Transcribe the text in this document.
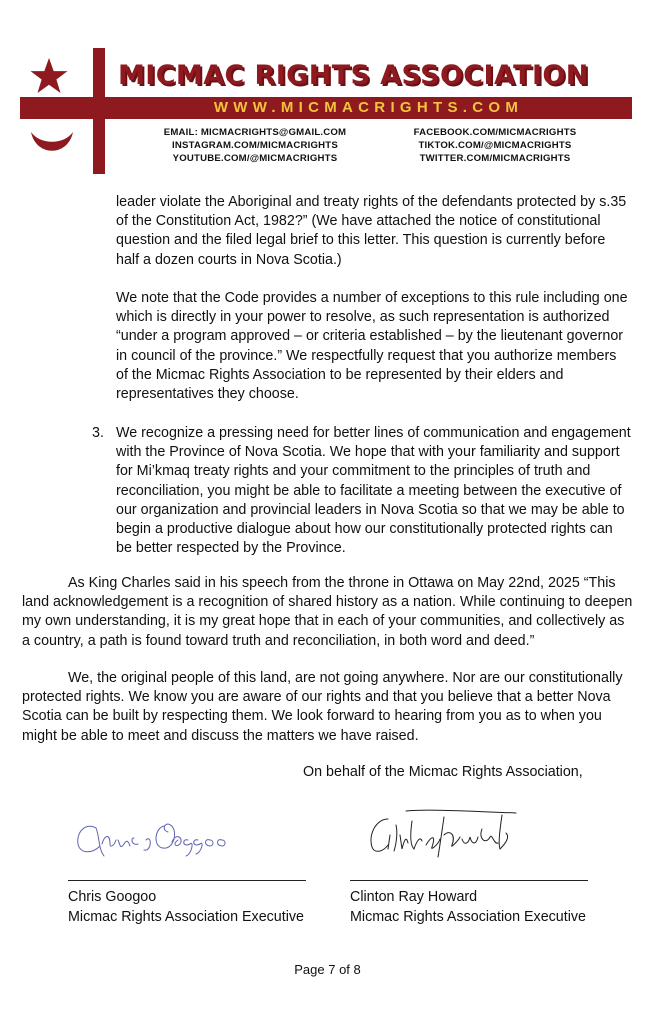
WWW.MICMACRIGHTS.COM
MICMAC RIGHTS ASSOCIATION
EMAIL: MICMACRIGHTS@GMAIL.COM
INSTAGRAM.COM/MICMACRIGHTS
YOUTUBE.COM/@MICMACRIGHTS
FACEBOOK.COM/MICMACRIGHTS
TIKTOK.COM/@MICMACRIGHTS
TWITTER.COM/MICMACRIGHTS
leader violate the Aboriginal and treaty rights of the defendants protected by s.35 of the Constitution Act, 1982?” (We have attached the notice of constitutional question and the filed legal brief to this letter. This question is currently before half a dozen courts in Nova Scotia.)
We note that the Code provides a number of exceptions to this rule including one which is directly in your power to resolve, as such representation is authorized “under a program approved – or criteria established – by the lieutenant governor in council of the province.” We respectfully request that you authorize members of the Micmac Rights Association to be represented by their elders and representatives they choose.
3. We recognize a pressing need for better lines of communication and engagement with the Province of Nova Scotia. We hope that with your familiarity and support for Mi’kmaq treaty rights and your commitment to the principles of truth and reconciliation, you might be able to facilitate a meeting between the executive of our organization and provincial leaders in Nova Scotia so that we may be able to begin a productive dialogue about how our constitutionally protected rights can be better respected by the Province.
As King Charles said in his speech from the throne in Ottawa on May 22nd, 2025 “This land acknowledgement is a recognition of shared history as a nation. While continuing to deepen my own understanding, it is my great hope that in each of your communities, and collectively as a country, a path is found toward truth and reconciliation, in both word and deed.”
We, the original people of this land, are not going anywhere. Nor are our constitutionally protected rights. We know you are aware of our rights and that you believe that a better Nova Scotia can be built by respecting them. We look forward to hearing from you as to when you might be able to meet and discuss the matters we have raised.
On behalf of the Micmac Rights Association,
Chris Googoo
Micmac Rights Association Executive
Clinton Ray Howard
Micmac Rights Association Executive
Page 7 of 8
